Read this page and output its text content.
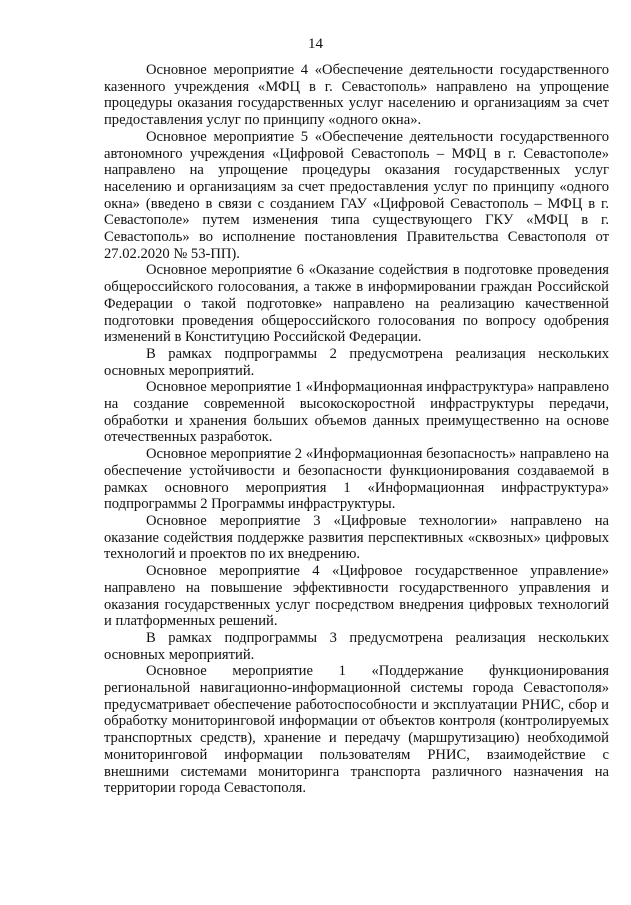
14

Основное мероприятие 4 «Обеспечение деятельности государственного казенного учреждения «МФЦ в г. Севастополь» направлено на упрощение процедуры оказания государственных услуг населению и организациям за счет предоставления услуг по принципу «одного окна».

Основное мероприятие 5 «Обеспечение деятельности государственного автономного учреждения «Цифровой Севастополь – МФЦ в г. Севастополе» направлено на упрощение процедуры оказания государственных услуг населению и организациям за счет предоставления услуг по принципу «одного окна» (введено в связи с созданием ГАУ «Цифровой Севастополь – МФЦ в г. Севастополе» путем изменения типа существующего ГКУ «МФЦ в г. Севастополь» во исполнение постановления Правительства Севастополя от 27.02.2020 № 53-ПП).

Основное мероприятие 6 «Оказание содействия в подготовке проведения общероссийского голосования, а также в информировании граждан Российской Федерации о такой подготовке» направлено на реализацию качественной подготовки проведения общероссийского голосования по вопросу одобрения изменений в Конституцию Российской Федерации.

В рамках подпрограммы 2 предусмотрена реализация нескольких основных мероприятий.

Основное мероприятие 1 «Информационная инфраструктура» направлено на создание современной высокоскоростной инфраструктуры передачи, обработки и хранения больших объемов данных преимущественно на основе отечественных разработок.

Основное мероприятие 2 «Информационная безопасность» направлено на обеспечение устойчивости и безопасности функционирования создаваемой в рамках основного мероприятия 1 «Информационная инфраструктура» подпрограммы 2 Программы инфраструктуры.

Основное мероприятие 3 «Цифровые технологии» направлено на оказание содействия поддержке развития перспективных «сквозных» цифровых технологий и проектов по их внедрению.

Основное мероприятие 4 «Цифровое государственное управление» направлено на повышение эффективности государственного управления и оказания государственных услуг посредством внедрения цифровых технологий и платформенных решений.

В рамках подпрограммы 3 предусмотрена реализация нескольких основных мероприятий.

Основное мероприятие 1 «Поддержание функционирования региональной навигационно-информационной системы города Севастополя» предусматривает обеспечение работоспособности и эксплуатации РНИС, сбор и обработку мониторинговой информации от объектов контроля (контролируемых транспортных средств), хранение и передачу (маршрутизацию) необходимой мониторинговой информации пользователям РНИС, взаимодействие с внешними системами мониторинга транспорта различного назначения на территории города Севастополя.
